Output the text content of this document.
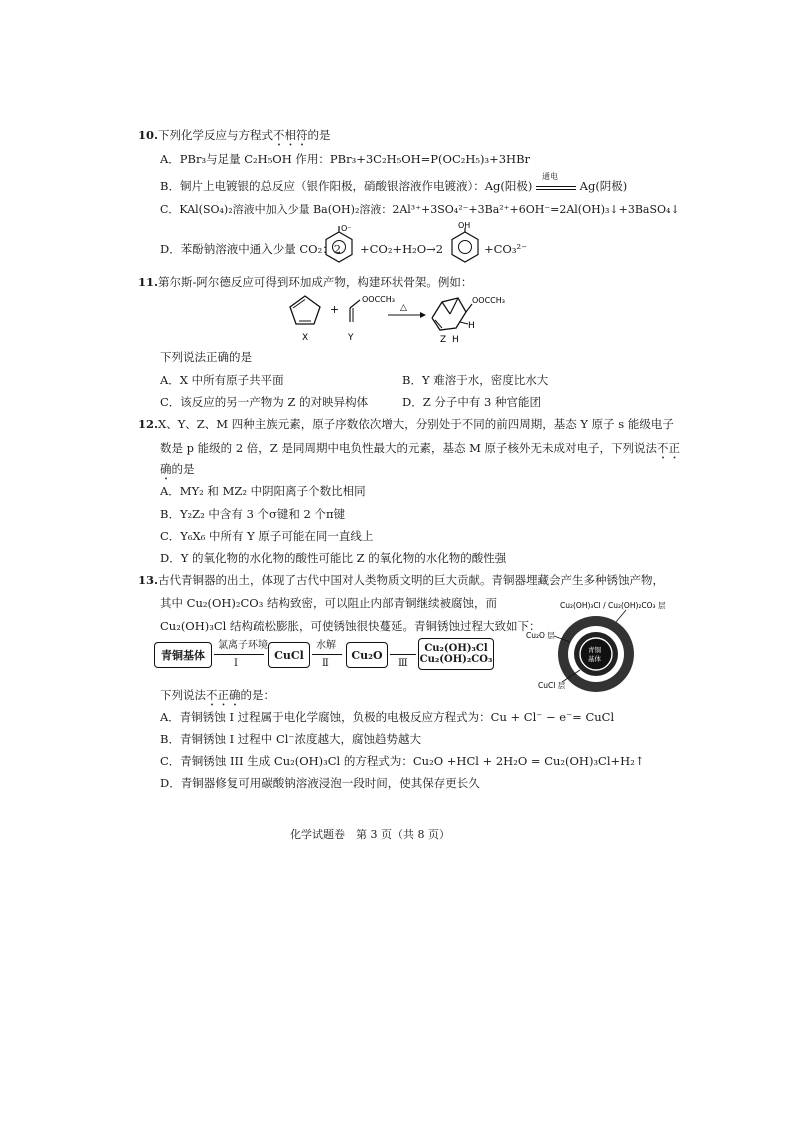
10.下列化学反应与方程式不相符的是
A．PBr₃与足量 C₂H₅OH 作用：PBr₃+3C₂H₅OH=P(OC₂H₅)₃+3HBr
B．铜片上电镀银的总反应（银作阳极，硝酸银溶液作电镀液）：Ag(阳极)
通电
Ag(阴极)
C．KAl(SO₄)₂溶液中加入少量 Ba(OH)₂溶液：2Al³⁺+3SO₄²⁻+3Ba²⁺+6OH⁻=2Al(OH)₃↓+3BaSO₄↓
D．苯酚钠溶液中通入少量 CO₂：2
O⁻
+CO₂+H₂O→2
OH
+CO₃²⁻
11.第尔斯-阿尔德反应可得到环加成产物，构建环状骨架。例如：
X
+
OOCCH₃
Y
△
OOCCH₃
H
H
Z
下列说法正确的是
A．X 中所有原子共平面	B．Y 难溶于水，密度比水大
C．该反应的另一产物为 Z 的对映异构体	D．Z 分子中有 3 种官能团
12.X、Y、Z、M 四种主族元素，原子序数依次增大，分别处于不同的前四周期，基态 Y 原子 s 能级电子
数是 p 能级的 2 倍，Z 是同周期中电负性最大的元素，基态 M 原子核外无未成对电子，下列说法不正
确的是
A．MY₂ 和 MZ₂ 中阴阳离子个数比相同
B．Y₂Z₂ 中含有 3 个σ键和 2 个π键
C．Y₆X₆ 中所有 Y 原子可能在同一直线上
D．Y 的氧化物的水化物的酸性可能比 Z 的氧化物的水化物的酸性强
13.古代青铜器的出土，体现了古代中国对人类物质文明的巨大贡献。青铜器埋藏会产生多种锈蚀产物，
其中 Cu₂(OH)₂CO₃ 结构致密，可以阻止内部青铜继续被腐蚀，而
Cu₂(OH)₃Cl 结构疏松膨胀，可使锈蚀很快蔓延。青铜锈蚀过程大致如下：
青铜基体
氯离子环境
Ⅰ
CuCl
水解
Ⅱ
Cu₂O
Ⅲ
Cu₂(OH)₃Cl
Cu₂(OH)₂CO₃
Cu₂(OH)₃Cl / Cu₂(OH)₂CO₃ 层
青铜
基体
Cu₂O 层
CuCl 层
下列说法不正确的是：
A．青铜锈蚀 I 过程属于电化学腐蚀，负极的电极反应方程式为：Cu + Cl⁻ − e⁻= CuCl
B．青铜锈蚀 I 过程中 Cl⁻浓度越大，腐蚀趋势越大
C．青铜锈蚀 III 生成 Cu₂(OH)₃Cl 的方程式为：Cu₂O +HCl + 2H₂O = Cu₂(OH)₃Cl+H₂↑
D．青铜器修复可用碳酸钠溶液浸泡一段时间，使其保存更长久
化学试题卷　第 3 页（共 8 页）
